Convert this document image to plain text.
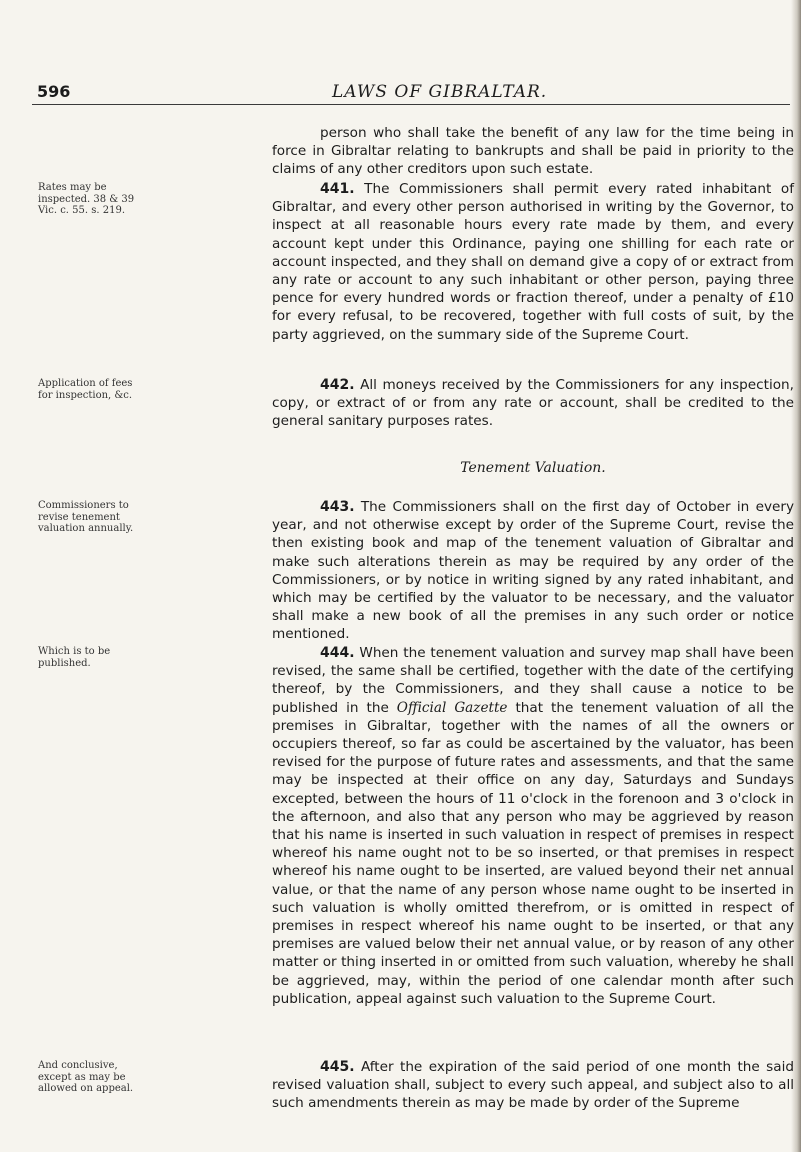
596	LAWS OF GIBRALTAR.
person who shall take the benefit of any law for the time being in force in Gibraltar relating to bankrupts and shall be paid in priority to the claims of any other creditors upon such estate.
Rates may be inspected. 38 & 39 Vic. c. 55. s. 219.
441. The Commissioners shall permit every rated inhabitant of Gibraltar, and every other person authorised in writing by the Governor, to inspect at all reasonable hours every rate made by them, and every account kept under this Ordinance, paying one shilling for each rate or account inspected, and they shall on demand give a copy of or extract from any rate or account to any such inhabitant or other person, paying three pence for every hundred words or fraction thereof, under a penalty of £10 for every refusal, to be recovered, together with full costs of suit, by the party aggrieved, on the summary side of the Supreme Court.
Application of fees for inspection, &c.
442. All moneys received by the Commissioners for any inspection, copy, or extract of or from any rate or account, shall be credited to the general sanitary purposes rates.
Tenement Valuation.
Commissioners to revise tenement valuation annually.
443. The Commissioners shall on the first day of October in every year, and not otherwise except by order of the Supreme Court, revise the then existing book and map of the tenement valuation of Gibraltar and make such alterations therein as may be required by any order of the Commissioners, or by notice in writing signed by any rated inhabitant, and which may be certified by the valuator to be necessary, and the valuator shall make a new book of all the premises in any such order or notice mentioned.
Which is to be published.
444. When the tenement valuation and survey map shall have been revised, the same shall be certified, together with the date of the certifying thereof, by the Commissioners, and they shall cause a notice to be published in the Official Gazette that the tenement valuation of all the premises in Gibraltar, together with the names of all the owners or occupiers thereof, so far as could be ascertained by the valuator, has been revised for the purpose of future rates and assessments, and that the same may be inspected at their office on any day, Saturdays and Sundays excepted, between the hours of 11 o'clock in the forenoon and 3 o'clock in the afternoon, and also that any person who may be aggrieved by reason that his name is inserted in such valuation in respect of premises in respect whereof his name ought not to be so inserted, or that premises in respect whereof his name ought to be inserted, are valued beyond their net annual value, or that the name of any person whose name ought to be inserted in such valuation is wholly omitted therefrom, or is omitted in respect of premises in respect whereof his name ought to be inserted, or that any premises are valued below their net annual value, or by reason of any other matter or thing inserted in or omitted from such valuation, whereby he shall be aggrieved, may, within the period of one calendar month after such publication, appeal against such valuation to the Supreme Court.
And conclusive, except as may be allowed on appeal.
445. After the expiration of the said period of one month the said revised valuation shall, subject to every such appeal, and subject also to all such amendments therein as may be made by order of the Supreme
